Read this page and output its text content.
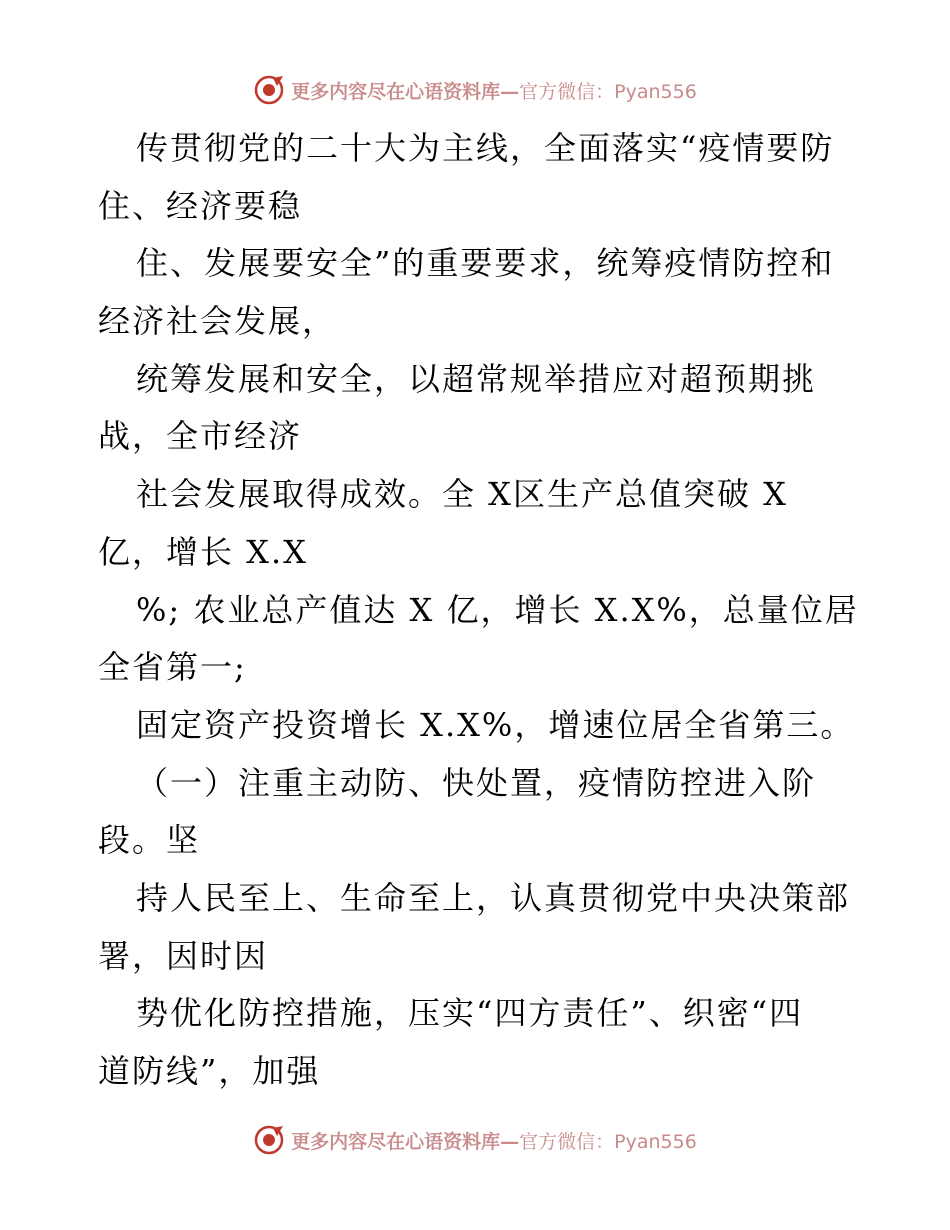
更多内容尽在心语资料库—官方微信：Pyan556
传贯彻党的二十大为主线，全面落实“疫情要防
住、经济要稳
住、发展要安全”的重要要求，统筹疫情防控和
经济社会发展，
统筹发展和安全，以超常规举措应对超预期挑
战，全市经济
社会发展取得成效。全 X区生产总值突破 X
亿，增长 X.X
%; 农业总产值达 X 亿，增长 X.X%，总量位居
全省第一;
固定资产投资增长 X.X%，增速位居全省第三。
（一）注重主动防、快处置，疫情防控进入阶
段。坚
持人民至上、生命至上，认真贯彻党中央决策部
署，因时因
势优化防控措施，压实“四方责任”、织密“四
道防线”，加强
更多内容尽在心语资料库—官方微信：Pyan556
